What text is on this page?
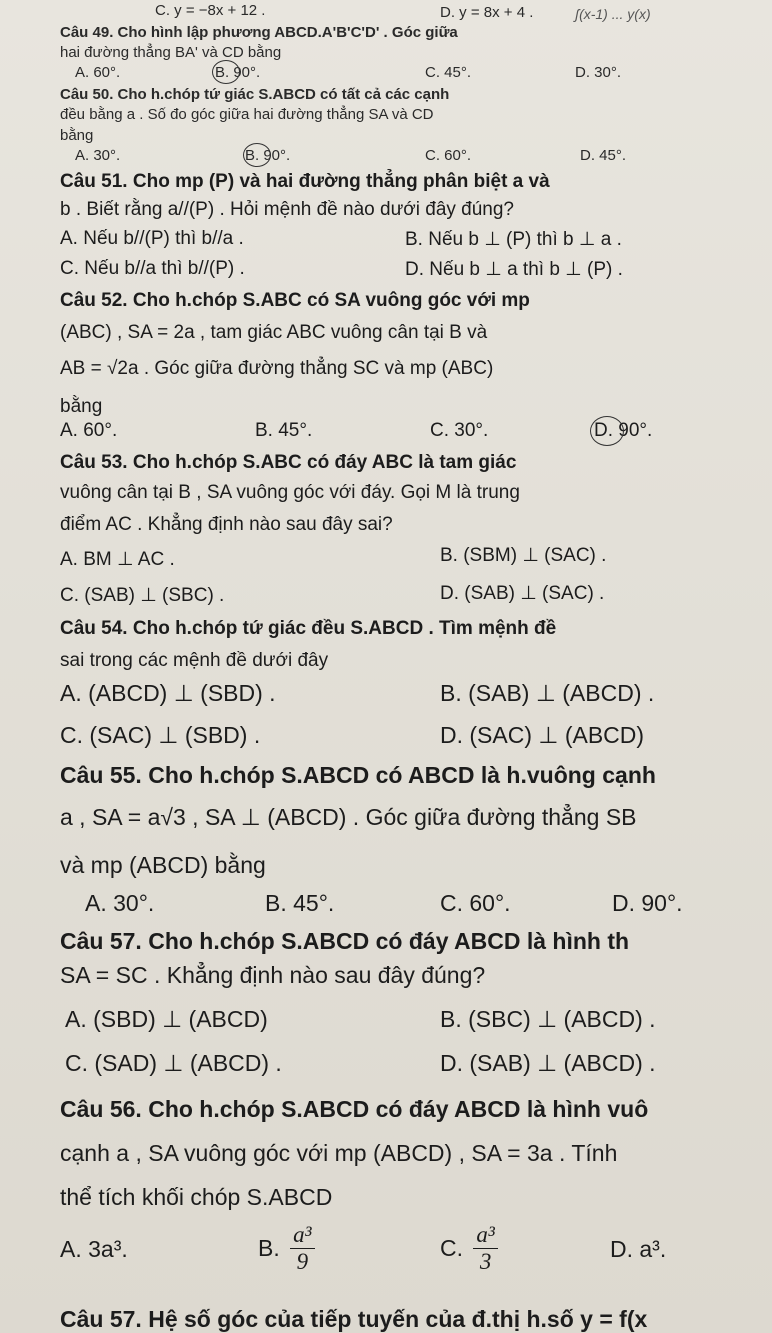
C. y = −8x + 12 .	D. y = 8x + 4 .	ʃ(x-1) ... y(x)
Câu 49. Cho hình lập phương ABCD.A'B'C'D' . Góc giữa
hai đường thẳng BA' và CD bằng
A. 60°.	B. 90°.	C. 45°.	D. 30°.
Câu 50. Cho h.chóp tứ giác S.ABCD có tất cả các cạnh
đều bằng a . Số đo góc giữa hai đường thẳng SA và CD
bằng
A. 30°.	B. 90°.	C. 60°.	D. 45°.
Câu 51. Cho mp (P) và hai đường thẳng phân biệt a và
b . Biết rằng a//(P) . Hỏi mệnh đề nào dưới đây đúng?
A. Nếu b//(P) thì b//a .	B. Nếu b ⊥ (P) thì b ⊥ a .
C. Nếu b//a thì b//(P) .	D. Nếu b ⊥ a thì b ⊥ (P) .
Câu 52. Cho h.chóp S.ABC có SA vuông góc với mp
(ABC) , SA = 2a , tam giác ABC vuông cân tại B và
AB = √2a . Góc giữa đường thẳng SC và mp (ABC)
bằng
A. 60°.	B. 45°.	C. 30°.	D. 90°.
Câu 53. Cho h.chóp S.ABC có đáy ABC là tam giác
vuông cân tại B , SA vuông góc với đáy. Gọi M là trung
điểm AC . Khẳng định nào sau đây sai?
A. BM ⊥ AC .	B. (SBM) ⊥ (SAC) .
C. (SAB) ⊥ (SBC) .	D. (SAB) ⊥ (SAC) .
Câu 54. Cho h.chóp tứ giác đều S.ABCD . Tìm mệnh đề
sai trong các mệnh đề dưới đây
A. (ABCD) ⊥ (SBD) .	B. (SAB) ⊥ (ABCD) .
C. (SAC) ⊥ (SBD) .	D. (SAC) ⊥ (ABCD)
Câu 55. Cho h.chóp S.ABCD có ABCD là h.vuông cạnh
a , SA = a√3 , SA ⊥ (ABCD) . Góc giữa đường thẳng SB
và mp (ABCD) bằng
A. 30°.	B. 45°.	C. 60°.	D. 90°.
Câu 57. Cho h.chóp S.ABCD có đáy ABCD là hình th
SA = SC . Khẳng định nào sau đây đúng?
A. (SBD) ⊥ (ABCD)	B. (SBC) ⊥ (ABCD) .
C. (SAD) ⊥ (ABCD) .	D. (SAB) ⊥ (ABCD) .
Câu 56. Cho h.chóp S.ABCD có đáy ABCD là hình vuô
cạnh a , SA vuông góc với mp (ABCD) , SA = 3a . Tính
thể tích khối chóp S.ABCD
A. 3a³.	B. $\frac{\text{a³}}{9}$	C. $\frac{\text{a³}}{3}$	D. a³.
Câu 57. Hệ số góc của tiếp tuyến của đ.thị h.số y = f(x
